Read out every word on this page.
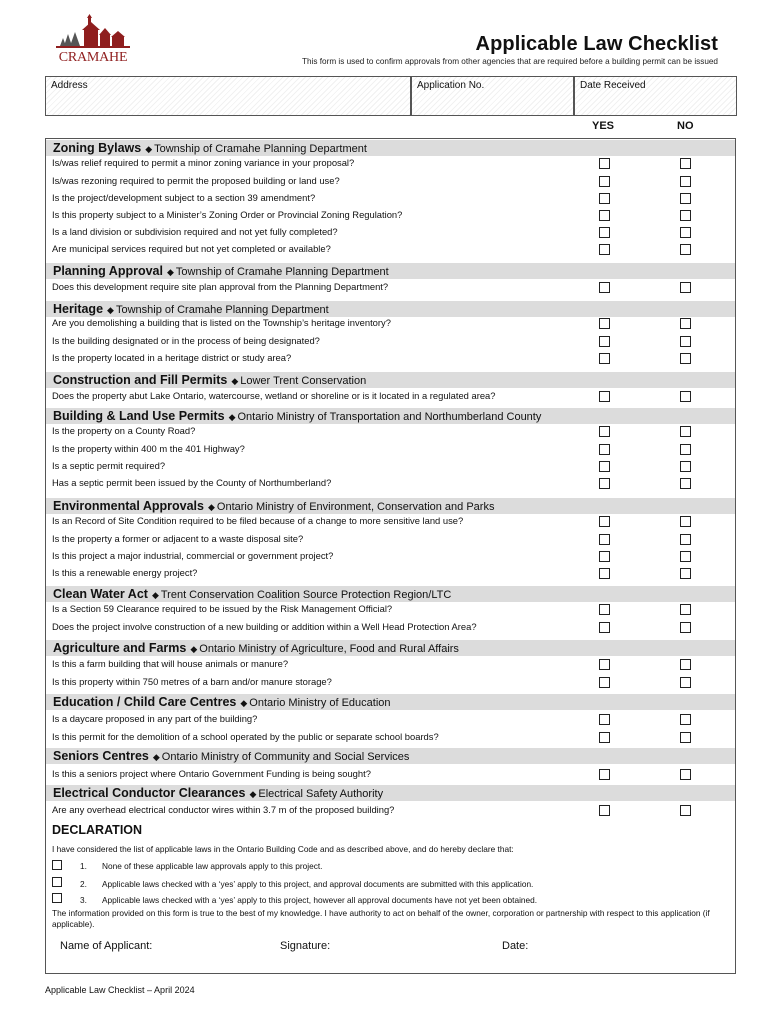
CRAMAHE
Applicable Law Checklist
This form is used to confirm approvals from other agencies that are required before a building permit can be issued
Address	Application No.	Date Received
YES	NO
Zoning Bylaws ◆ Township of Cramahe Planning Department
Is/was relief required to permit a minor zoning variance in your proposal?
Is/was rezoning required to permit the proposed building or land use?
Is the project/development subject to a section 39 amendment?
Is this property subject to a Minister’s Zoning Order or Provincial Zoning Regulation?
Is a land division or subdivision required and not yet fully completed?
Are municipal services required but not yet completed or available?
Planning Approval ◆ Township of Cramahe Planning Department
Does this development require site plan approval from the Planning Department?
Heritage ◆ Township of Cramahe Planning Department
Are you demolishing a building that is listed on the Township’s heritage inventory?
Is the building designated or in the process of being designated?
Is the property located in a heritage district or study area?
Construction and Fill Permits ◆ Lower Trent Conservation
Does the property abut Lake Ontario, watercourse, wetland or shoreline or is it located in a regulated area?
Building & Land Use Permits ◆ Ontario Ministry of Transportation and Northumberland County
Is the property on a County Road?
Is the property within 400 m the 401 Highway?
Is a septic permit required?
Has a septic permit been issued by the County of Northumberland?
Environmental Approvals ◆ Ontario Ministry of Environment, Conservation and Parks
Is an Record of Site Condition required to be filed because of a change to more sensitive land use?
Is the property a former or adjacent to a waste disposal site?
Is this project a major industrial, commercial or government project?
Is this a renewable energy project?
Clean Water Act ◆ Trent Conservation Coalition Source Protection Region/LTC
Is a Section 59 Clearance required to be issued by the Risk Management Official?
Does the project involve construction of a new building or addition within a Well Head Protection Area?
Agriculture and Farms ◆ Ontario Ministry of Agriculture, Food and Rural Affairs
Is this a farm building that will house animals or manure?
Is this property within 750 metres of a barn and/or manure storage?
Education / Child Care Centres ◆ Ontario Ministry of Education
Is a daycare proposed in any part of the building?
Is this permit for the demolition of a school operated by the public or separate school boards?
Seniors Centres ◆ Ontario Ministry of Community and Social Services
Is this a seniors project where Ontario Government Funding is being sought?
Electrical Conductor Clearances ◆ Electrical Safety Authority
Are any overhead electrical conductor wires within 3.7 m of the proposed building?
DECLARATION
I have considered the list of applicable laws in the Ontario Building Code and as described above, and do hereby declare that:
1. None of these applicable law approvals apply to this project.
2. Applicable laws checked with a ‘yes’ apply to this project, and approval documents are submitted with this application.
3. Applicable laws checked with a ‘yes’ apply to this project, however all approval documents have not yet been obtained.
The information provided on this form is true to the best of my knowledge. I have authority to act on behalf of the owner, corporation or partnership with respect to this application (if applicable).
Name of Applicant:	Signature:	Date:
Applicable Law Checklist – April 2024
